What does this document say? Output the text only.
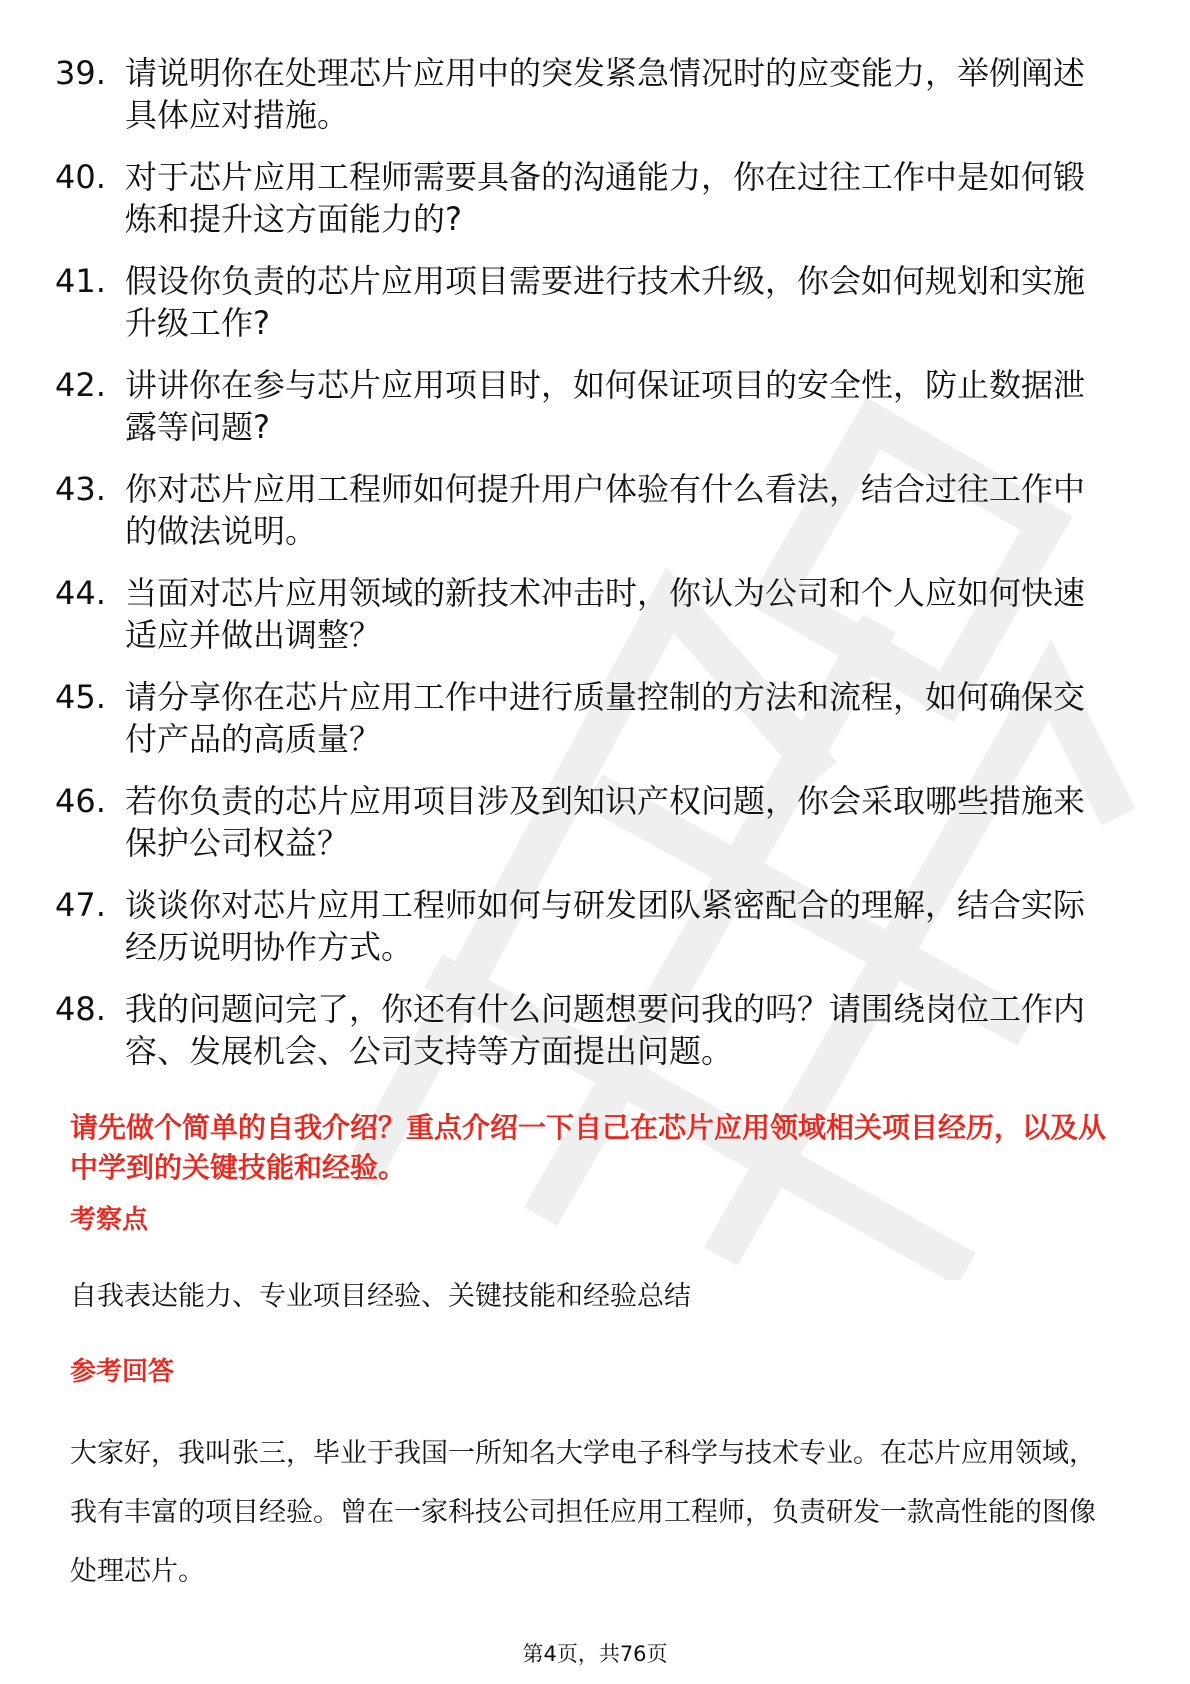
39. 请说明你在处理芯片应用中的突发紧急情况时的应变能力，举例阐述具体应对措施。
40. 对于芯片应用工程师需要具备的沟通能力，你在过往工作中是如何锻炼和提升这方面能力的?
41. 假设你负责的芯片应用项目需要进行技术升级，你会如何规划和实施升级工作?
42. 讲讲你在参与芯片应用项目时，如何保证项目的安全性，防止数据泄露等问题?
43. 你对芯片应用工程师如何提升用户体验有什么看法，结合过往工作中的做法说明。
44. 当面对芯片应用领域的新技术冲击时，你认为公司和个人应如何快速适应并做出调整？
45. 请分享你在芯片应用工作中进行质量控制的方法和流程，如何确保交付产品的高质量？
46. 若你负责的芯片应用项目涉及到知识产权问题，你会采取哪些措施来保护公司权益？
47. 谈谈你对芯片应用工程师如何与研发团队紧密配合的理解，结合实际经历说明协作方式。
48. 我的问题问完了，你还有什么问题想要问我的吗？请围绕岗位工作内容、发展机会、公司支持等方面提出问题。
请先做个简单的自我介绍？重点介绍一下自己在芯片应用领域相关项目经历，以及从中学到的关键技能和经验。
考察点
自我表达能力、专业项目经验、关键技能和经验总结
参考回答
大家好，我叫张三，毕业于我国一所知名大学电子科学与技术专业。在芯片应用领域，我有丰富的项目经验。曾在一家科技公司担任应用工程师，负责研发一款高性能的图像处理芯片。
第4页，共76页
